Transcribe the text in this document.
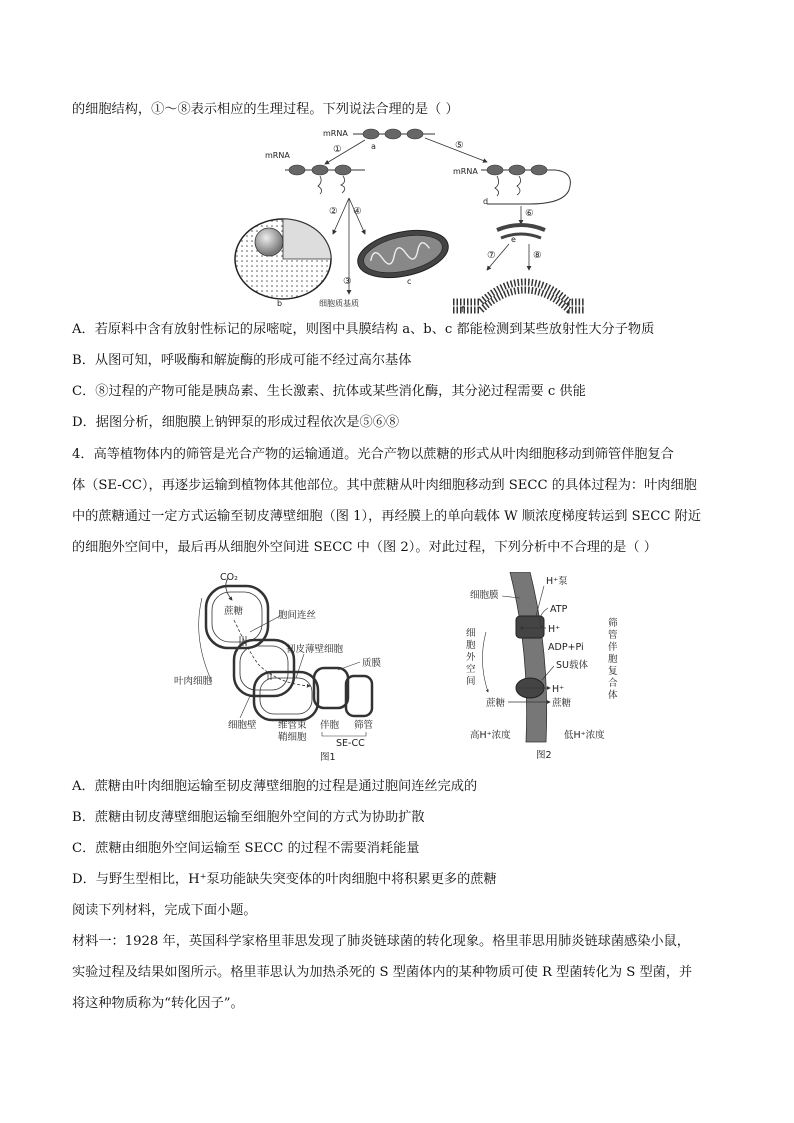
的细胞结构，①～⑧表示相应的生理过程。下列说法合理的是（ ）
mRNA
a
①	⑤
mRNA
② ④
③
细胞质基质
b
c
mRNA
d
⑥
e
⑦	⑧
f
A．若原料中含有放射性标记的尿嘧啶，则图中具膜结构 a、b、c 都能检测到某些放射性大分子物质
B．从图可知，呼吸酶和解旋酶的形成可能不经过高尔基体
C．⑧过程的产物可能是胰岛素、生长激素、抗体或某些消化酶，其分泌过程需要 c 供能
D．据图分析，细胞膜上钠钾泵的形成过程依次是⑤⑥⑧
4．高等植物体内的筛管是光合产物的运输通道。光合产物以蔗糖的形式从叶肉细胞移动到筛管伴胞复合
体（SE-CC），再逐步运输到植物体其他部位。其中蔗糖从叶肉细胞移动到 SECC 的具体过程为：叶肉细胞
中的蔗糖通过一定方式运输至韧皮薄壁细胞（图 1），再经膜上的单向载体 W 顺浓度梯度转运到 SECC 附近
的细胞外空间中，最后再从细胞外空间进 SECC 中（图 2）。对此过程，下列分析中不合理的是（ ）
CO₂
蔗糖	胞间连丝
韧皮薄壁细胞
质膜
叶肉细胞
细胞壁 维管束
鞘细胞
伴胞 筛管
SE-CC
图1
细胞膜
H⁺泵
ATP
H⁺
ADP+Pi
SU载体
H⁺
蔗糖	蔗糖
细
胞
外
空
间
筛
管
伴
胞
复
合
体
高H⁺浓度	低H⁺浓度
图2
A．蔗糖由叶肉细胞运输至韧皮薄壁细胞的过程是通过胞间连丝完成的
B．蔗糖由韧皮薄壁细胞运输至细胞外空间的方式为协助扩散
C．蔗糖由细胞外空间运输至 SECC 的过程不需要消耗能量
D．与野生型相比，H⁺泵功能缺失突变体的叶肉细胞中将积累更多的蔗糖
阅读下列材料，完成下面小题。
材料一：1928 年，英国科学家格里菲思发现了肺炎链球菌的转化现象。格里菲思用肺炎链球菌感染小鼠，
实验过程及结果如图所示。格里菲思认为加热杀死的 S 型菌体内的某种物质可使 R 型菌转化为 S 型菌，并
将这种物质称为“转化因子”。
